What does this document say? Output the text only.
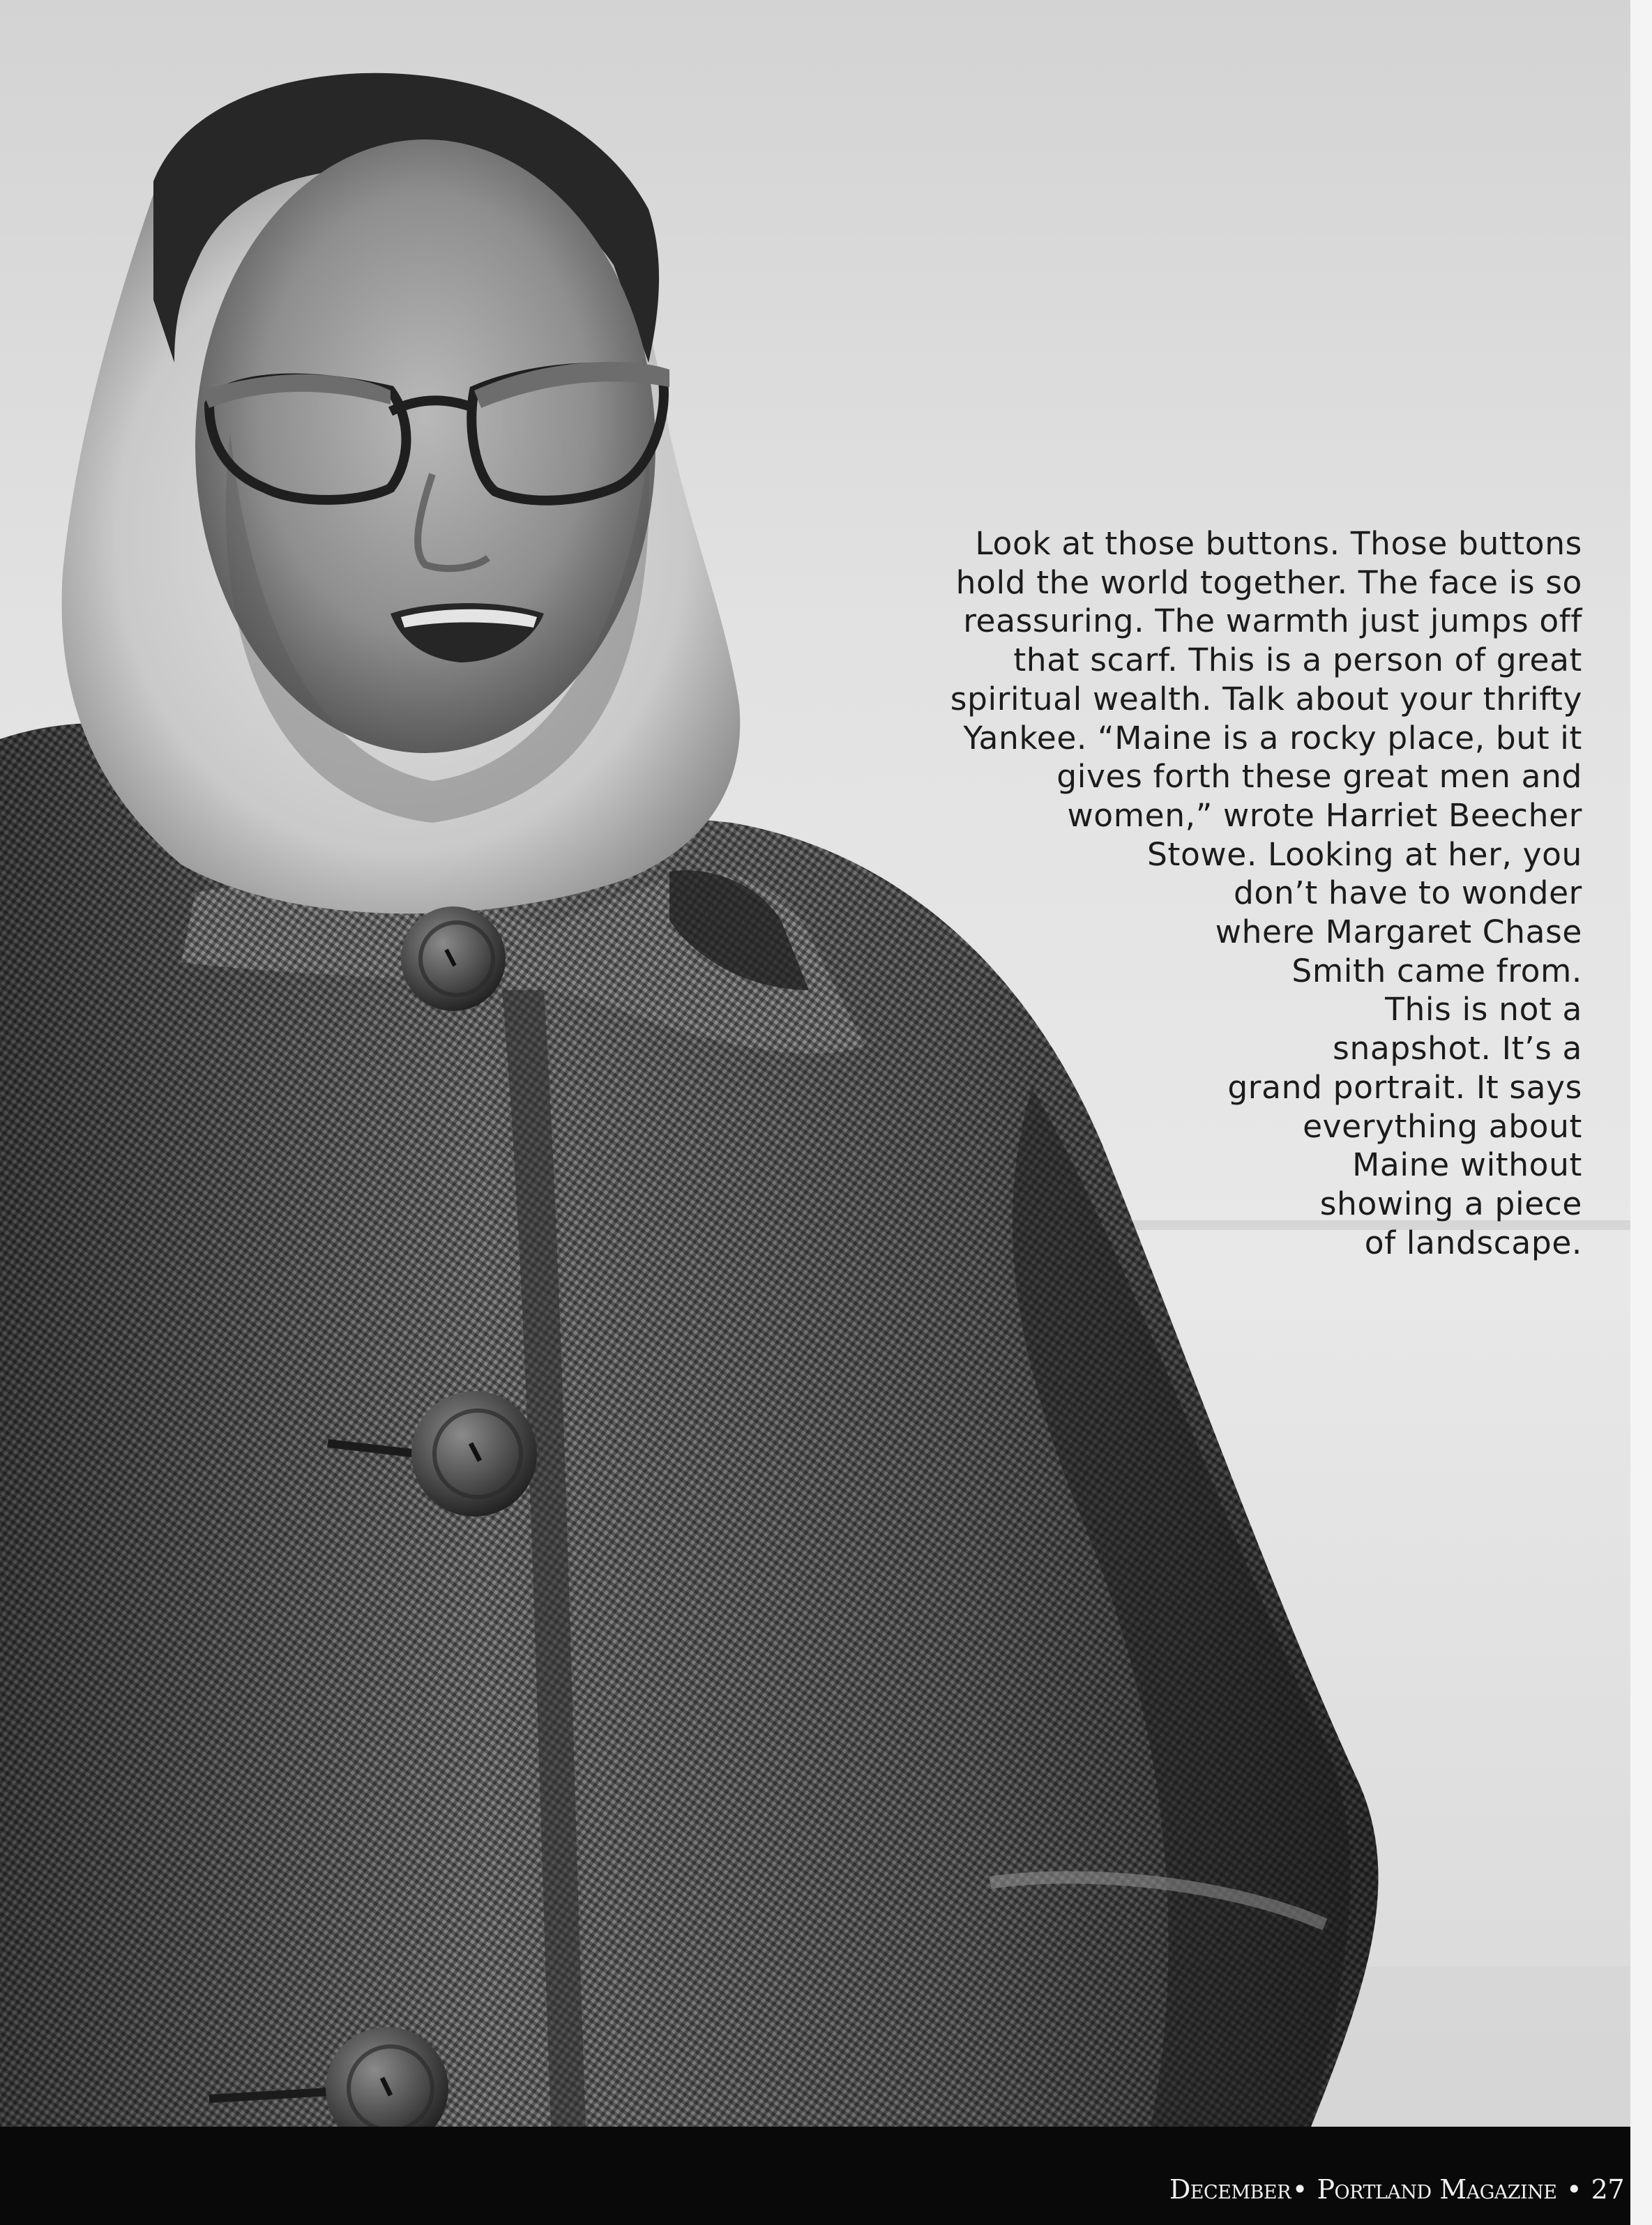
Look at those buttons. Those buttons
hold the world together. The face is so
reassuring. The warmth just jumps off
that scarf. This is a person of great
spiritual wealth. Talk about your thrifty
Yankee. “Maine is a rocky place, but it
gives forth these great men and
women,” wrote Harriet Beecher
Stowe. Looking at her, you
don’t have to wonder
where Margaret Chase
Smith came from.
This is not a
snapshot. It’s a
grand portrait. It says
everything about
Maine without
showing a piece
of landscape.
December• Portland Magazine • 27
